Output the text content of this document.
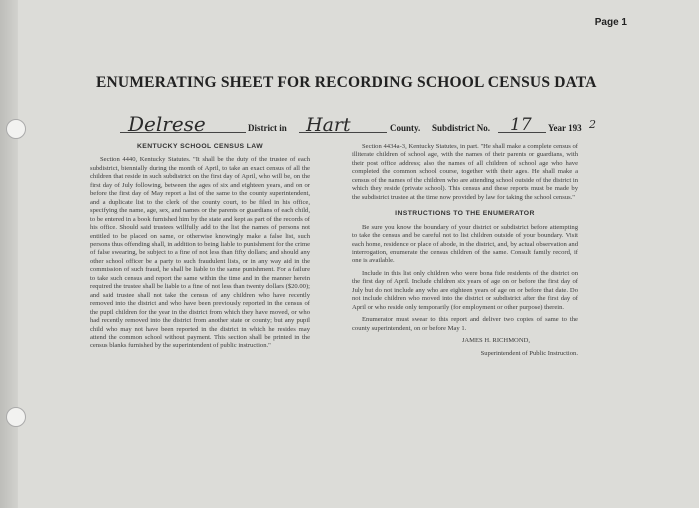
Page 1
ENUMERATING SHEET FOR RECORDING SCHOOL CENSUS DATA
Delrese	District in Hart	County. Subdistrict No. 17 Year 193 2
KENTUCKY SCHOOL CENSUS LAW

Section 4440, Kentucky Statutes. "It shall be the duty of the trustee of each subdistrict, biennially during the month of April, to take an exact census of all the children that reside in such subdistrict on the first day of April, who will be, on the first day of July following, between the ages of six and eighteen years, and on or before the first day of May report a list of the same to the county superintendent, and a duplicate list to the clerk of the county court, to be filed in his office, specifying the name, age, sex, and names or the parents or guardians of each child, to be entered in a book furnished him by the state and kept as part of the records of his office. Should said trustees willfully add to the list the names of persons not entitled to be placed on same, or otherwise knowingly make a false list, such persons thus offending shall, in addition to being liable to punishment for the crime of false swearing, be subject to a fine of not less than fifty dollars; and should any other school officer be a party to such fraudulent lists, or in any way aid in the commission of such fraud, he shall be liable to the same punishment. For a failure to take such census and report the same within the time and in the manner herein required the trustee shall be liable to a fine of not less than twenty dollars ($20.00); and said trustee shall not take the census of any children who have recently removed into the district and who have been previously reported in the census of the pupil children for the year in the district from which they have moved, or who had recently removed into the district from another state or county; but any pupil child who may not have been reported in the district in which he resides may attend the common school without payment. This section shall be printed in the census blanks furnished by the superintendent of public instruction."

Section 4434a-3, Kentucky Statutes, in part. "He shall make a complete census of illiterate children of school age, with the names of their parents or guardians, with their post office address; also the names of all children of school age who have completed the common school course, together with their ages. He shall make a census of the names of the children who are attending school outside of the district in which they reside (private school). This census and these reports must be made by the subdistrict trustee at the time now provided by law for taking the school census."

INSTRUCTIONS TO THE ENUMERATOR

Be sure you know the boundary of your district or subdistrict before attempting to take the census and be careful not to list children outside of your boundary. Visit each home, residence or place of abode, in the district, and, by actual observation and interrogation, enumerate the census children of the same. Consult family record, if one is available.

Include in this list only children who were bona fide residents of the district on the first day of April. Include children six years of age on or before the first day of July but do not include any who are eighteen years of age on or before that date. Do not include children who moved into the district or subdistrict after the first day of April or who reside only temporarily (for employment or other purpose) therein.

Enumerator must swear to this report and deliver two copies of same to the county superintendent, on or before May 1.

JAMES H. RICHMOND,

Superintendent of Public Instruction.
